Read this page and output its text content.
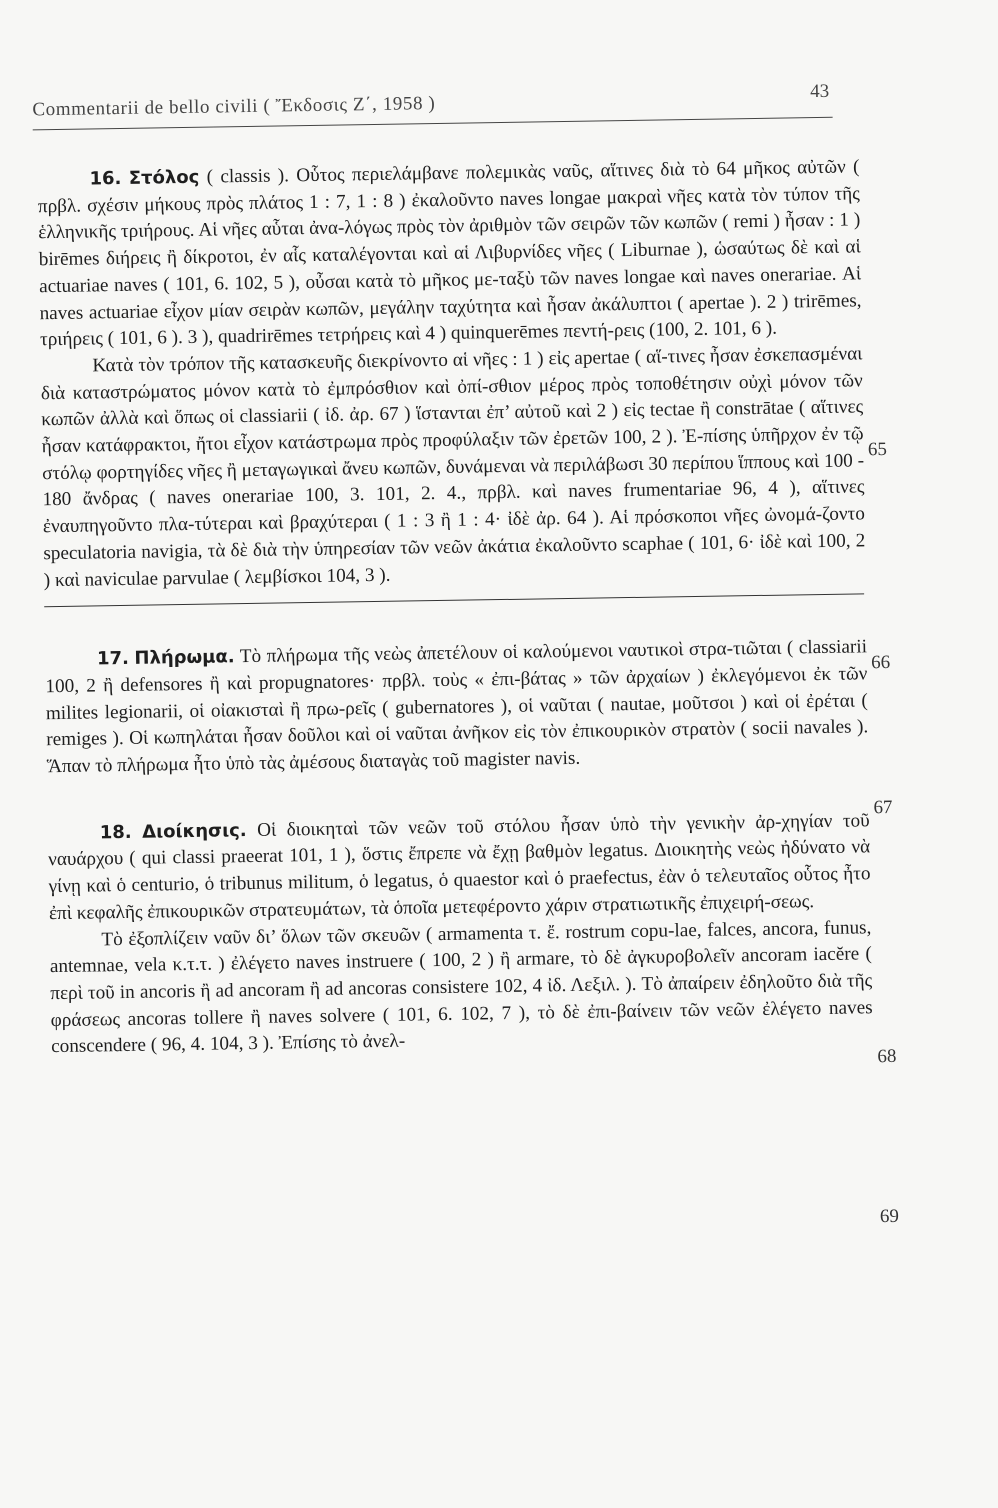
Commentarii de bello civili ( Ἔκδοσις Ζ΄, 1958 )
43

16. Στόλος ( classis ). Οὗτος περιελάμβανε πολεμικὰς ναῦς, αἵτινες διὰ τὸ 64 μῆκος αὐτῶν ( πρβλ. σχέσιν μήκους πρὸς πλάτος 1 : 7, 1 : 8 ) ἐκαλοῦντο naves longae μακραὶ νῆες κατὰ τὸν τύπον τῆς ἑλληνικῆς τριήρους. Αἱ νῆες αὗται ἀνα-λόγως πρὸς τὸν ἀριθμὸν τῶν σειρῶν τῶν κωπῶν ( remi ) ἦσαν : 1 ) birēmes διήρεις ἢ δίκροτοι, ἐν αἷς καταλέγονται καὶ αἱ Λιβυρνίδες νῆες ( Liburnae ), ὡσαύτως δὲ καὶ αἱ actuariae naves ( 101, 6. 102, 5 ), οὖσαι κατὰ τὸ μῆκος με-ταξὺ τῶν naves longae καὶ naves onerariae. Αἱ naves actuariae εἶχον μίαν σειρὰν κωπῶν, μεγάλην ταχύτητα καὶ ἦσαν ἀκάλυπτοι ( apertae ). 2 ) trirēmes, τριήρεις ( 101, 6 ). 3 ), quadrirēmes τετρήρεις καὶ 4 ) quinquerēmes πεντή-ρεις (100, 2. 101, 6 ).

Κατὰ τὸν τρόπον τῆς κατασκευῆς διεκρίνοντο αἱ νῆες : 1 ) εἰς apertae ( αἵ-τινες ἦσαν ἐσκεπασμέναι διὰ καταστρώματος μόνον κατὰ τὸ ἐμπρόσθιον καὶ ὀπί-σθιον μέρος πρὸς τοποθέτησιν οὐχὶ μόνον τῶν κωπῶν ἀλλὰ καὶ ὅπως οἱ classiarii ( ἰδ. ἀρ. 67 ) ἵστανται ἐπ’ αὐτοῦ καὶ 2 ) εἰς tectae ἢ constrātae ( αἵτινες ἦσαν κατάφρακτοι, ἤτοι εἶχον κατάστρωμα πρὸς προφύλαξιν τῶν ἐρετῶν 100, 2 ). Ἐ-πίσης ὑπῆρχον ἐν τῷ στόλῳ φορτηγίδες νῆες ἢ μεταγωγικαὶ ἄνευ κωπῶν, δυνάμεναι νὰ περιλάβωσι 30 περίπου ἵππους καὶ 100 - 180 ἄνδρας ( naves onerariae 100, 3. 101, 2. 4., πρβλ. καὶ naves frumentariae 96, 4 ), αἵτινες ἐναυπηγοῦντο πλα-τύτεραι καὶ βραχύτεραι ( 1 : 3 ἢ 1 : 4· ἰδὲ ἀρ. 64 ). Αἱ πρόσκοποι νῆες ὠνομά-ζοντο speculatoria navigia, τὰ δὲ διὰ τὴν ὑπηρεσίαν τῶν νεῶν ἀκάτια ἐκαλοῦντο scaphae ( 101, 6· ἰδὲ καὶ 100, 2 ) καὶ naviculae parvulae ( λεμβίσκοι 104, 3 ).

17. Πλήρωμα. Τὸ πλήρωμα τῆς νεὼς ἀπετέλουν οἱ καλούμενοι ναυτικοὶ στρα-τιῶται ( classiarii 100, 2 ἢ defensores ἢ καὶ propugnatores· πρβλ. τοὺς « ἐπι-βάτας » τῶν ἀρχαίων ) ἐκλεγόμενοι ἐκ τῶν milites legionarii, οἱ οἰακισταὶ ἢ πρω-ρεῖς ( gubernatores ), οἱ ναῦται ( nautae, μοῦτσοι ) καὶ οἱ ἐρέται ( remiges ). Οἱ κωπηλάται ἦσαν δοῦλοι καὶ οἱ ναῦται ἀνῆκον εἰς τὸν ἐπικουρικὸν στρατὸν ( socii navales ). Ἅπαν τὸ πλήρωμα ἦτο ὑπὸ τὰς ἀμέσους διαταγὰς τοῦ magister navis.

18. Διοίκησις. Οἱ διοικηταὶ τῶν νεῶν τοῦ στόλου ἦσαν ὑπὸ τὴν γενικὴν ἀρ-χηγίαν τοῦ ναυάρχου ( qui classi praeerat 101, 1 ), ὅστις ἔπρεπε νὰ ἔχῃ βαθμὸν legatus. Διοικητὴς νεὼς ἠδύνατο νὰ γίνῃ καὶ ὁ centurio, ὁ tribunus militum, ὁ legatus, ὁ quaestor καὶ ὁ praefectus, ἐὰν ὁ τελευταῖος οὗτος ἦτο ἐπὶ κεφαλῆς ἐπικουρικῶν στρατευμάτων, τὰ ὁποῖα μετεφέροντο χάριν στρατιωτικῆς ἐπιχειρή-σεως.

Τὸ ἐξοπλίζειν ναῦν δι’ ὅλων τῶν σκευῶν ( armamenta τ. ἔ. rostrum copu-lae, falces, ancora, funus, antemnae, vela κ.τ.τ. ) ἐλέγετο naves instruere ( 100, 2 ) ἢ armare, τὸ δὲ ἀγκυροβολεῖν ancoram iacĕre ( περὶ τοῦ in ancoris ἢ ad ancoram ἢ ad ancoras consistere 102, 4 ἰδ. Λεξιλ. ). Τὸ ἀπαίρειν ἐδηλοῦτο διὰ τῆς φράσεως ancoras tollere ἢ naves solvere ( 101, 6. 102, 7 ), τὸ δὲ ἐπι-βαίνειν τῶν νεῶν ἐλέγετο naves conscendere ( 96, 4. 104, 3 ). Ἐπίσης τὸ ἀνελ-

65
66
67
68
69
